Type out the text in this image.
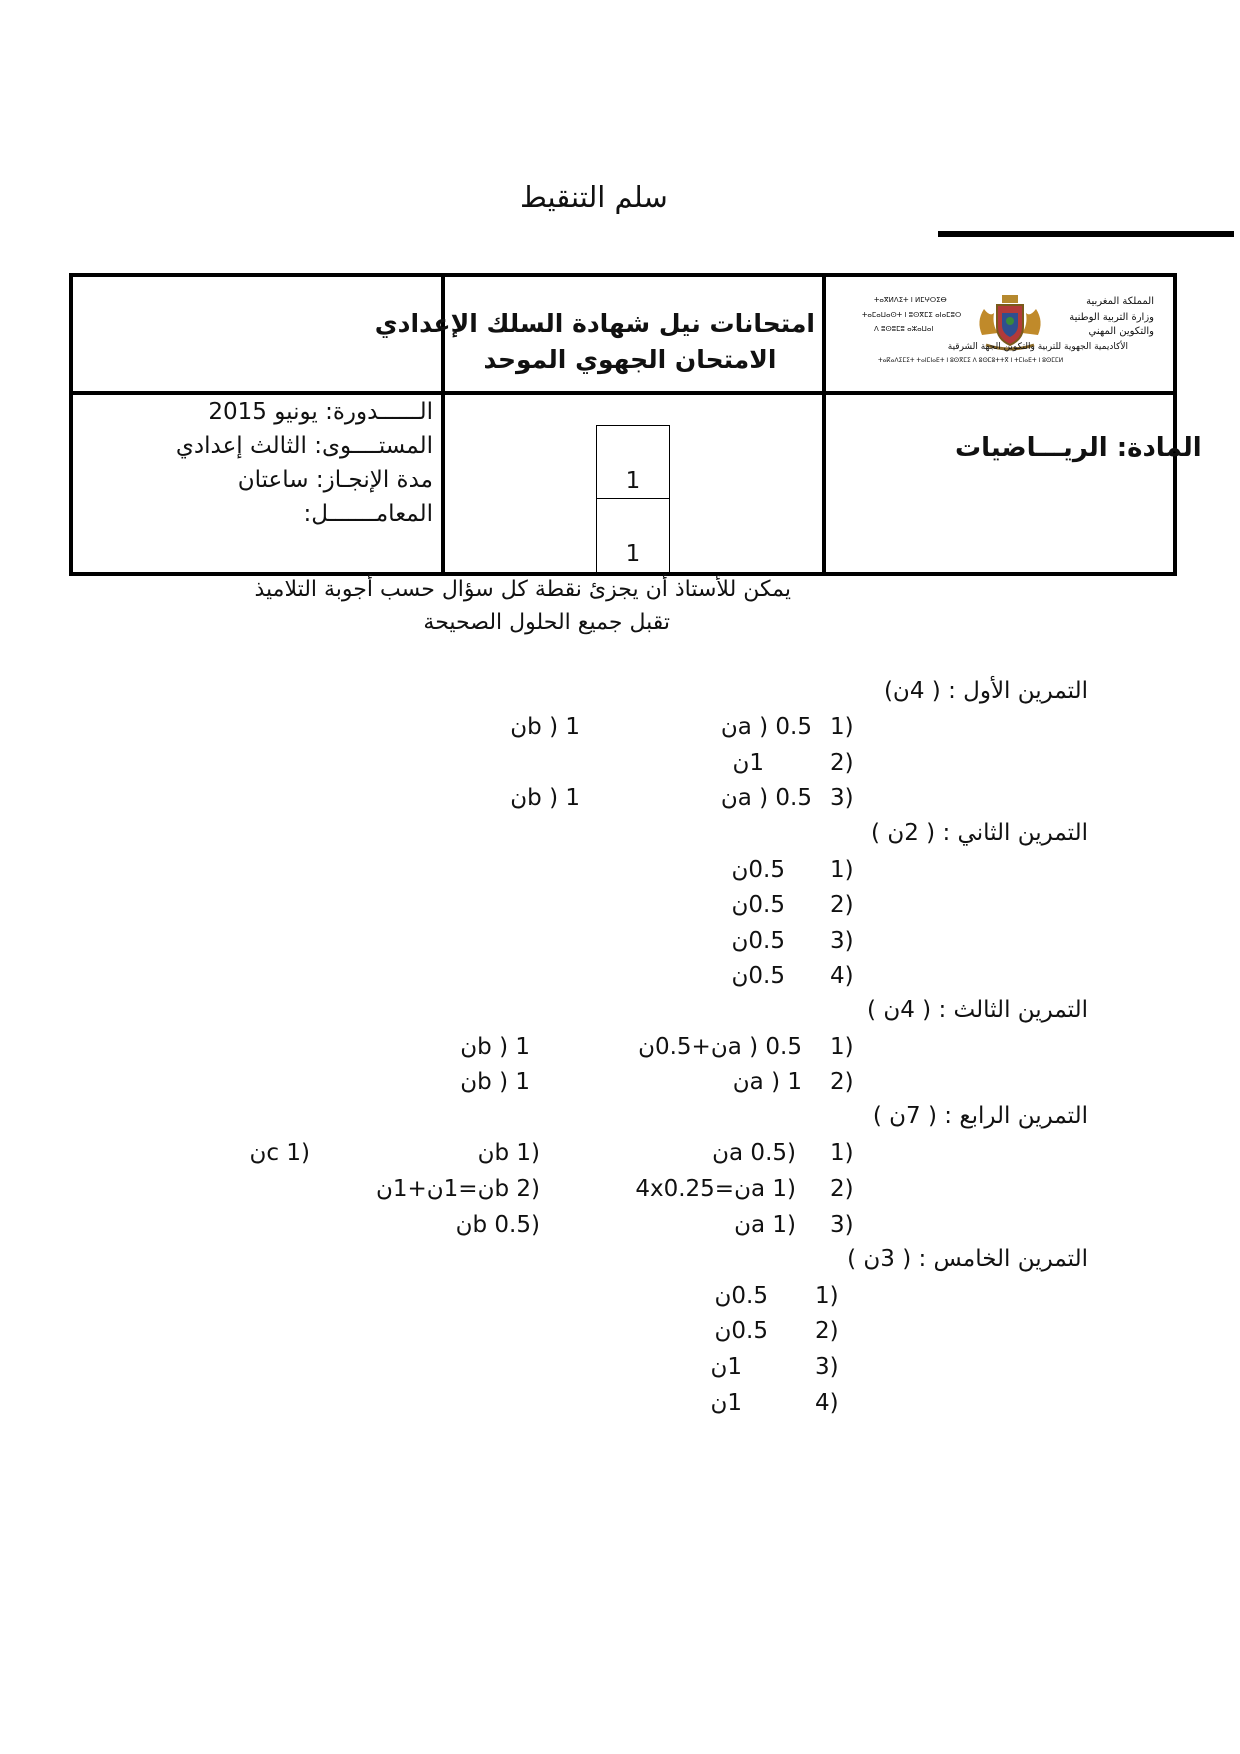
سلم التنقيط
امتحانات نيل شهادة السلك الإعدادي
الامتحان الجهوي الموحد
المملكة المغربية
وزارة التربية الوطنية
والتكوين المهني
ⵜⴰⴳⵍⴷⵉⵜ ⵏ ⵍⵎⵖⵔⵉⴱ
ⵜⴰⵎⴰⵡⴰⵙⵜ ⵏ ⵓⵙⴳⵎⵉ ⴰⵏⴰⵎⵓⵔ
ⴷ ⵓⵙⵓⵎⵓ ⴰⵣⴰⵡⴰⵏ
الأكاديمية الجهوية للتربية والتكوين الجهة الشرقية
ⵜⴰⴽⴰⴷⵉⵎⵉⵜ ⵜⴰⵏⵎⵏⴰⴹⵜ ⵏ ⵓⵙⴳⵎⵉ ⴷ ⵓⵙⵎⵓⵜⵜⴳ ⵏ ⵜⵎⵏⴰⴹⵜ ⵏ ⵓⵙⵎⵎⵍ
المادة: الريـــاضيات
1
1
الــــــدورة: يونيو 2015
المستــــوى: الثالث إعدادي
مدة الإنجـاز: ساعتان
المعامـــــــل:
يمكن للأستاذ أن يجزئ نقطة كل سؤال حسب أجوبة التلاميذ
تقبل جميع الحلول الصحيحة
التمرين الأول : ( 4ن)
1)
a ) 0.5ن
b ) 1ن
2)
1ن
3)
a ) 0.5ن
b ) 1ن
التمرين الثاني : ( 2ن )
1)
0.5ن
2)
0.5ن
3)
0.5ن
4)
0.5ن
التمرين الثالث : ( 4ن )
1)
a ) 0.5ن+0.5ن
b ) 1ن
2)
a ) 1ن
b ) 1ن
التمرين الرابع : ( 7ن )
1)
(a 0.5ن
(b 1ن
(c 1ن
2)
(a 1ن=4x0.25
(b 2ن=1ن+1ن
3)
(a 1ن
(b 0.5ن
التمرين الخامس : ( 3ن )
1)
0.5ن
2)
0.5ن
3)
1ن
4)
1ن
